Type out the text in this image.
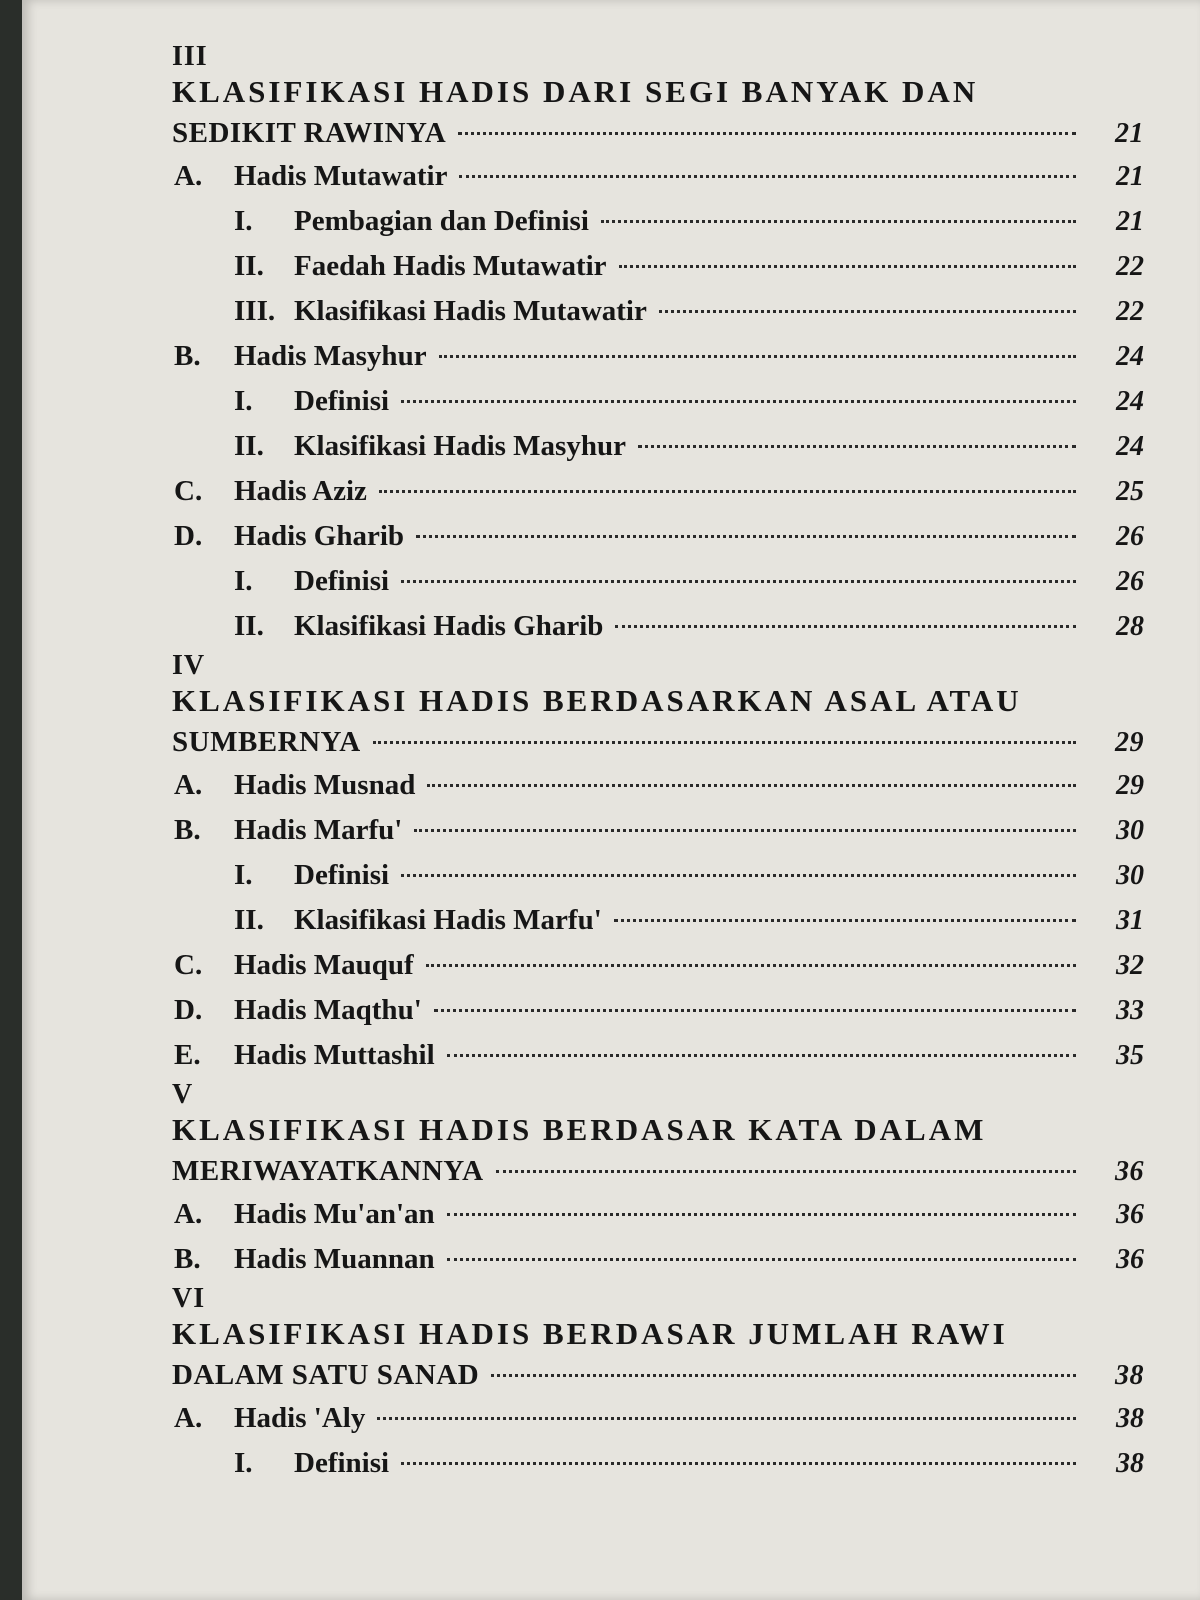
III
KLASIFIKASI HADIS DARI SEGI BANYAK DAN
SEDIKIT RAWINYA	21
A.	Hadis Mutawatir	21
I.	Pembagian dan Definisi	21
II.	Faedah Hadis Mutawatir	22
III. Klasifikasi Hadis Mutawatir	22
B.	Hadis Masyhur	24
I.	Definisi	24
II.	Klasifikasi Hadis Masyhur	24
C.	Hadis Aziz	25
D.	Hadis Gharib	26
I.	Definisi	26
II.	Klasifikasi Hadis Gharib	28
IV
KLASIFIKASI HADIS BERDASARKAN ASAL ATAU
SUMBERNYA	29
A.	Hadis Musnad	29
B.	Hadis Marfu'	30
I.	Definisi	30
II.	Klasifikasi Hadis Marfu'	31
C.	Hadis Mauquf	32
D.	Hadis Maqthu'	33
E.	Hadis Muttashil	35
V
KLASIFIKASI HADIS BERDASAR KATA DALAM
MERIWAYATKANNYA	36
A.	Hadis Mu'an'an	36
B.	Hadis Muannan	36
VI
KLASIFIKASI HADIS BERDASAR JUMLAH RAWI
DALAM SATU SANAD	38
A.	Hadis 'Aly	38
I.	Definisi	38
